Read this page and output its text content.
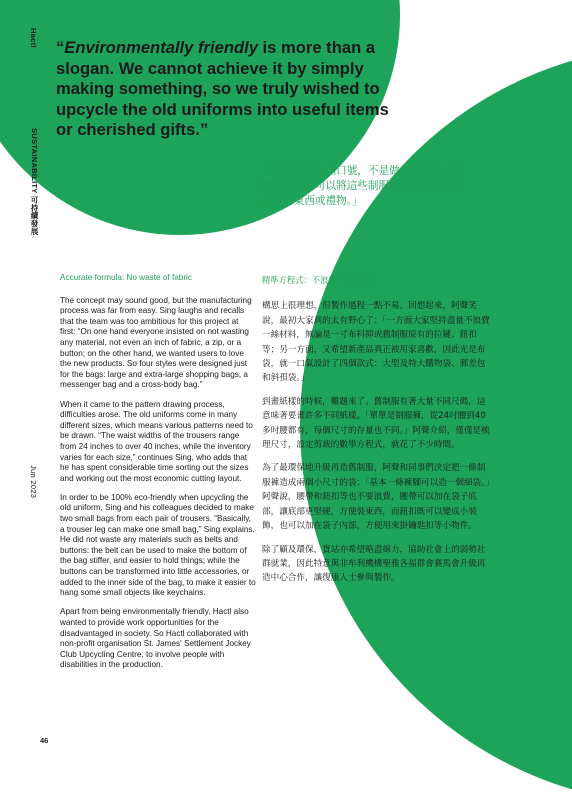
Hactl
SUSTAINABILITY 可持續發展
Jun 2023
“Environmentally friendly is more than a slogan. We cannot achieve it by simply making something, so we truly wished to upcycle the old uniforms into useful items or cherished gifts.”
「環保不是一個口號，不是做了就可以，我們希望真的可以將這些制服變成日常生活中需要的東西或禮物。」
Accurate formula: No waste of fabric

The concept may sound good, but the manufacturing process was far from easy. Sing laughs and recalls that the team was too ambitious for this project at first: “On one hand everyone insisted on not wasting any material, not even an inch of fabric, a zip, or a button; on the other hand, we wanted users to love the new products. So four styles were designed just for the bags: large and extra-large shopping bags, a messenger bag and a cross-body bag.”

When it came to the pattern drawing process, difficulties arose. The old uniforms come in many different sizes, which means various patterns need to be drawn. “The waist widths of the trousers range from 24 inches to over 40 inches, while the inventory varies for each size,” continues Sing, who adds that he has spent considerable time sorting out the sizes and working out the most economic cutting layout.

In order to be 100% eco-friendly when upcycling the old uniform, Sing and his colleagues decided to make two small bags from each pair of trousers. “Basically, a trouser leg can make one small bag,” Sing explains. He did not waste any materials such as belts and buttons: the belt can be used to make the bottom of the bag stiffer, and easier to hold things; while the buttons can be transformed into little accessories, or added to the inner side of the bag, to make it easier to hang some small objects like keychains.

Apart from being environmentally friendly, Hactl also wanted to provide work opportunities for the disadvantaged in society. So Hactl collaborated with non-profit organisation St. James' Settlement Jockey Club Upcycling Centre, to involve people with disabilities in the production.

精準方程式：不浪費一絲布料

構思上很理想，但製作過程一點不易。回想起來，阿聲笑說，最初大家真的太有野心了：「一方面大家堅持盡量不浪費一絲材料，無論是一寸布料抑或舊制服原有的拉鏈、鈕扣等；另一方面，又希望新產品真正被用家喜歡，因此光是布袋，就一口氣設計了四個款式：大型及特大購物袋、郵差包和斜孭袋。」

到畫紙樣的時候，難題來了。舊制服有著大量不同尺碼，這意味著要畫許多不同紙樣。「單單是制服褲，從24吋腰到40多吋腰都有，每個尺寸的存量也不同。」阿聲介紹，僅僅是梳理尺寸，設定剪裁的數學方程式，就花了不少時間。

為了最環保地升級再造舊制服，阿聲和同事們決定把一條制服褲造成兩個小尺寸的袋：「基本一條褲腳可以造一個細袋。」阿聲說，腰帶和鈕扣等也不要浪費，腰帶可以加在袋子底部，讓底部更堅硬，方便裝東西，而鈕扣既可以變成小裝飾，也可以加在袋子內部，方便用來掛鑰匙扣等小物件。

除了顧及環保，貨站亦希望略盡綿力，協助社會上的弱勢社群就業，因此特意與非牟利機構聖雅各福群會賽馬會升級再造中心合作，讓復康人士參與製作。

46
